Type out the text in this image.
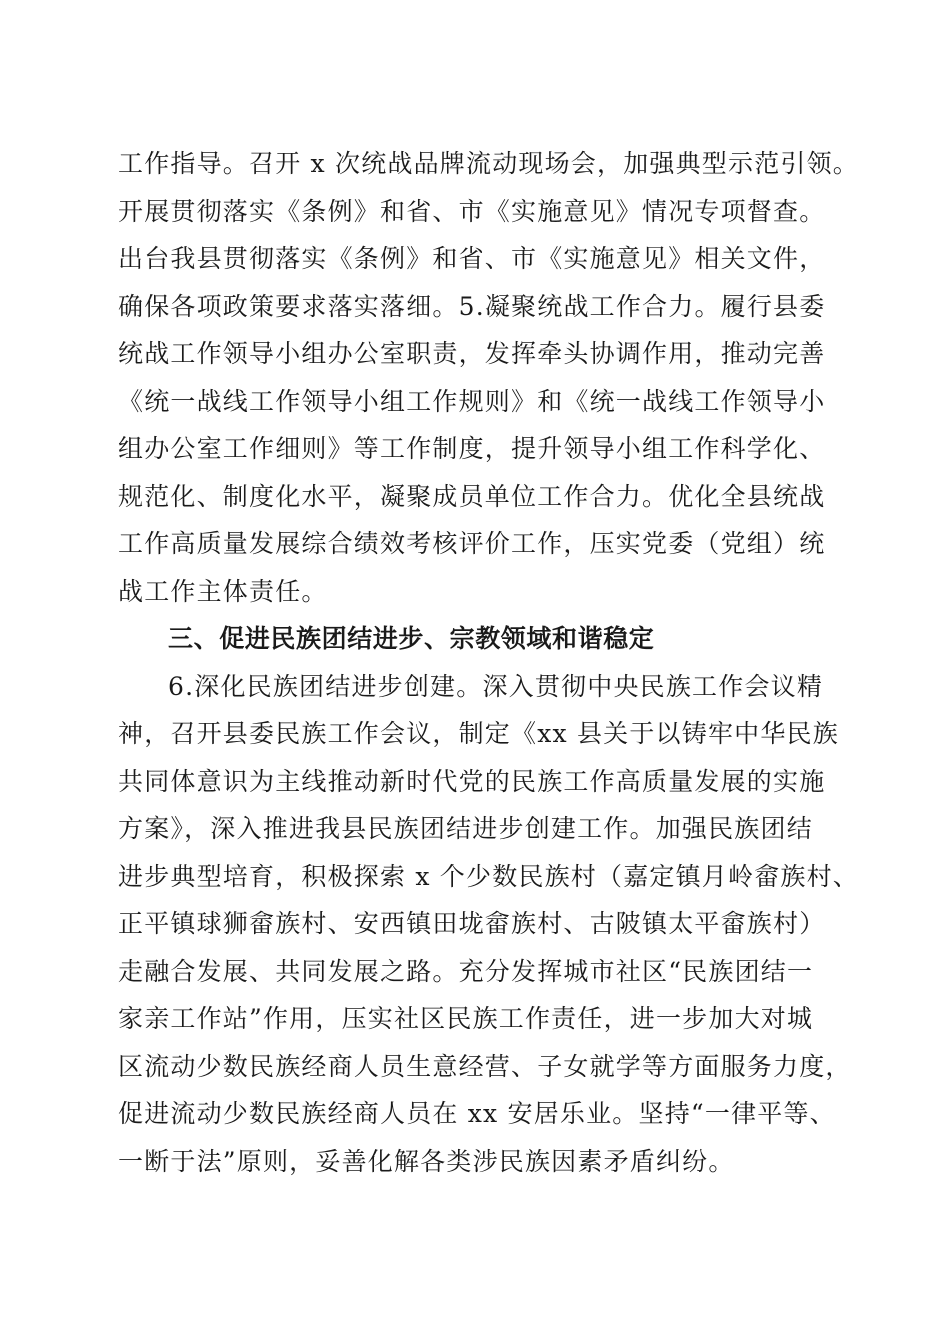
工作指导。召开 x 次统战品牌流动现场会，加强典型示范引领。
开展贯彻落实《条例》和省、市《实施意见》情况专项督查。
出台我县贯彻落实《条例》和省、市《实施意见》相关文件，
确保各项政策要求落实落细。5.凝聚统战工作合力。履行县委
统战工作领导小组办公室职责，发挥牵头协调作用，推动完善
《统一战线工作领导小组工作规则》和《统一战线工作领导小
组办公室工作细则》等工作制度，提升领导小组工作科学化、
规范化、制度化水平，凝聚成员单位工作合力。优化全县统战
工作高质量发展综合绩效考核评价工作，压实党委（党组）统
战工作主体责任。
三、促进民族团结进步、宗教领域和谐稳定
6.深化民族团结进步创建。深入贯彻中央民族工作会议精
神，召开县委民族工作会议，制定《xx 县关于以铸牢中华民族
共同体意识为主线推动新时代党的民族工作高质量发展的实施
方案》，深入推进我县民族团结进步创建工作。加强民族团结
进步典型培育，积极探索 x 个少数民族村（嘉定镇月岭畲族村、
正平镇球狮畲族村、安西镇田垅畲族村、古陂镇太平畲族村）
走融合发展、共同发展之路。充分发挥城市社区“民族团结一
家亲工作站”作用，压实社区民族工作责任，进一步加大对城
区流动少数民族经商人员生意经营、子女就学等方面服务力度，
促进流动少数民族经商人员在 xx 安居乐业。坚持“一律平等、
一断于法”原则，妥善化解各类涉民族因素矛盾纠纷。
